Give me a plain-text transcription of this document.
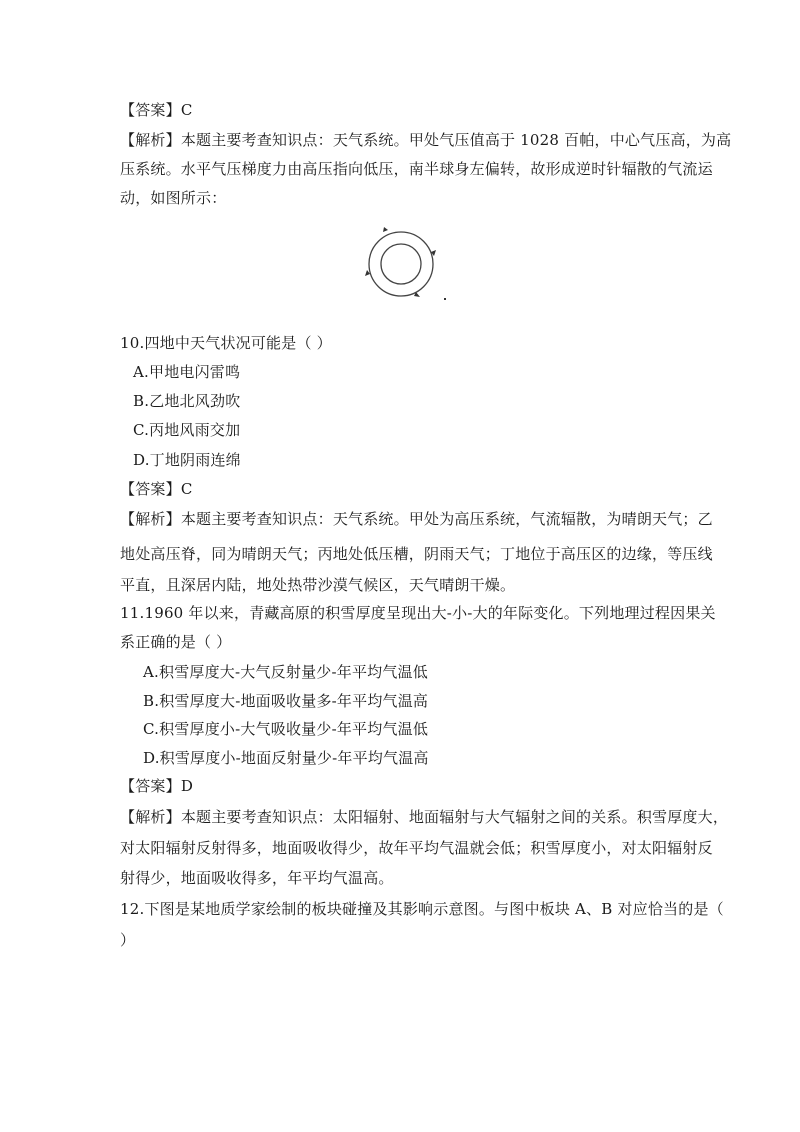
【答案】C
【解析】本题主要考查知识点：天气系统。甲处气压值高于 1028 百帕，中心气压高，为高
压系统。水平气压梯度力由高压指向低压，南半球身左偏转，故形成逆时针辐散的气流运
动，如图所示：
10.四地中天气状况可能是（ ）
A.甲地电闪雷鸣
B.乙地北风劲吹
C.丙地风雨交加
D.丁地阴雨连绵
【答案】C
【解析】本题主要考查知识点：天气系统。甲处为高压系统，气流辐散，为晴朗天气；乙
地处高压脊，同为晴朗天气；丙地处低压槽，阴雨天气；丁地位于高压区的边缘，等压线
平直，且深居内陆，地处热带沙漠气候区，天气晴朗干燥。
11.1960 年以来，青藏高原的积雪厚度呈现出大-小-大的年际变化。下列地理过程因果关
系正确的是（ ）
A.积雪厚度大-大气反射量少-年平均气温低
B.积雪厚度大-地面吸收量多-年平均气温高
C.积雪厚度小-大气吸收量少-年平均气温低
D.积雪厚度小-地面反射量少-年平均气温高
【答案】D
【解析】本题主要考查知识点：太阳辐射、地面辐射与大气辐射之间的关系。积雪厚度大，
对太阳辐射反射得多，地面吸收得少，故年平均气温就会低；积雪厚度小，对太阳辐射反
射得少，地面吸收得多，年平均气温高。
12.下图是某地质学家绘制的板块碰撞及其影响示意图。与图中板块 A、B 对应恰当的是（
）
